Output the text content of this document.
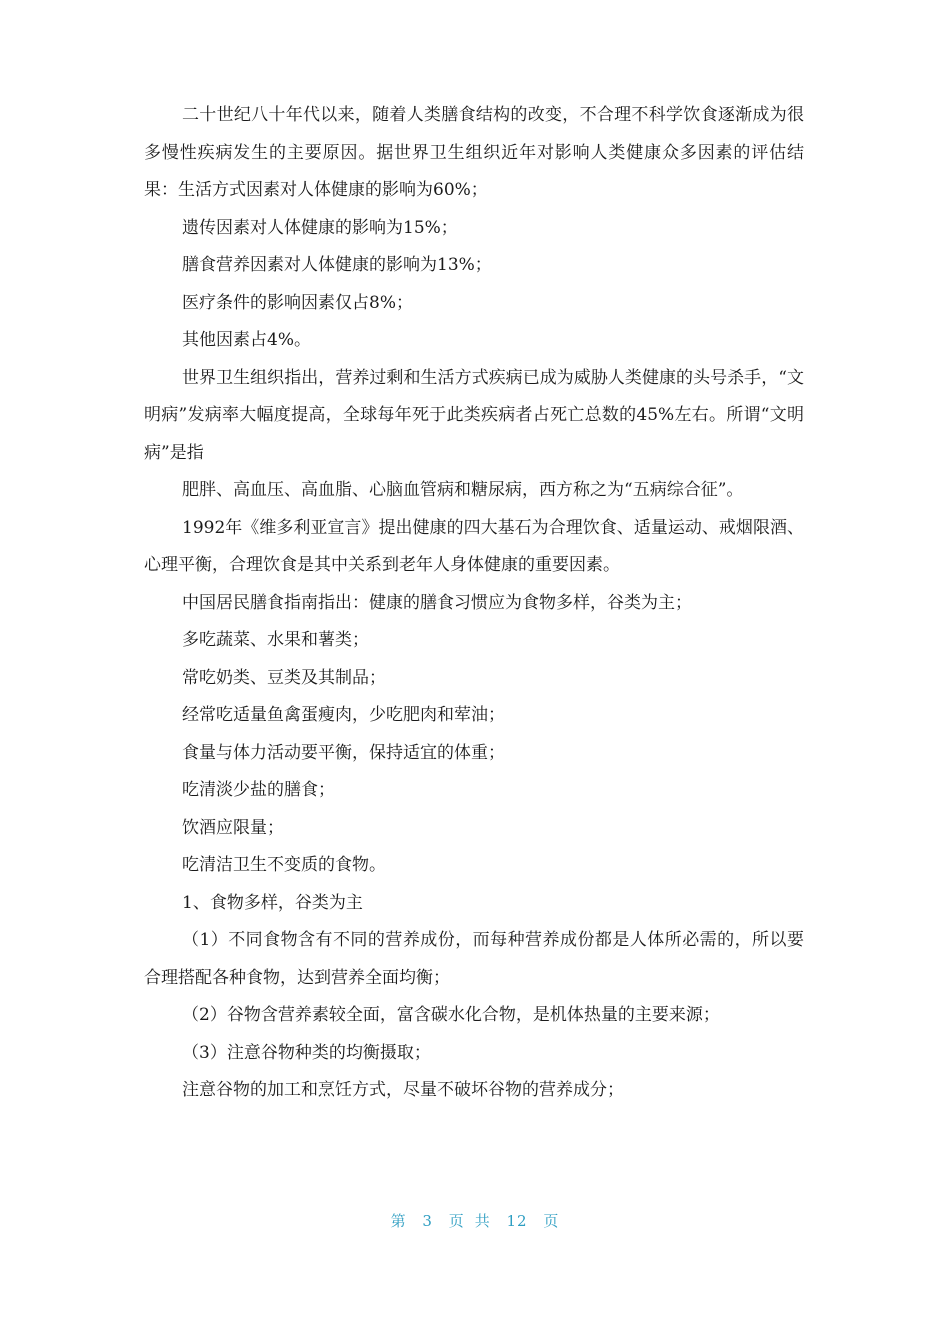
二十世纪八十年代以来，随着人类膳食结构的改变，不合理不科学饮食逐渐成为很多慢性疾病发生的主要原因。据世界卫生组织近年对影响人类健康众多因素的评估结果：生活方式因素对人体健康的影响为60%；

遗传因素对人体健康的影响为15%；

膳食营养因素对人体健康的影响为13%；

医疗条件的影响因素仅占8%；

其他因素占4%。

世界卫生组织指出，营养过剩和生活方式疾病已成为威胁人类健康的头号杀手，“文明病”发病率大幅度提高，全球每年死于此类疾病者占死亡总数的45%左右。所谓“文明病”是指

肥胖、高血压、高血脂、心脑血管病和糖尿病，西方称之为“五病综合征”。

1992年《维多利亚宣言》提出健康的四大基石为合理饮食、适量运动、戒烟限酒、心理平衡，合理饮食是其中关系到老年人身体健康的重要因素。

中国居民膳食指南指出：健康的膳食习惯应为食物多样，谷类为主；

多吃蔬菜、水果和薯类；

常吃奶类、豆类及其制品；

经常吃适量鱼禽蛋瘦肉，少吃肥肉和荤油；

食量与体力活动要平衡，保持适宜的体重；

吃清淡少盐的膳食；

饮酒应限量；

吃清洁卫生不变质的食物。

1、食物多样，谷类为主

（1）不同食物含有不同的营养成份，而每种营养成份都是人体所必需的，所以要合理搭配各种食物，达到营养全面均衡；

（2）谷物含营养素较全面，富含碳水化合物，是机体热量的主要来源；

（3）注意谷物种类的均衡摄取；

注意谷物的加工和烹饪方式，尽量不破坏谷物的营养成分；

第 3 页 共 12 页
